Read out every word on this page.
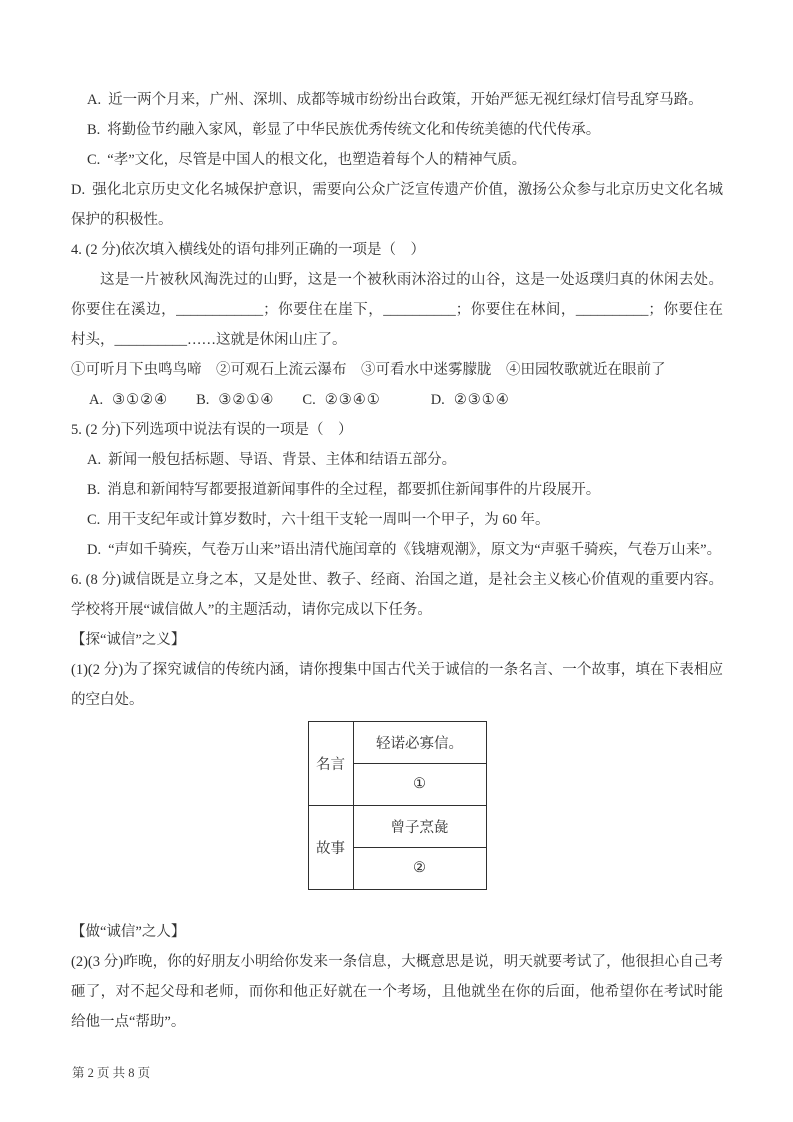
A. 近一两个月来，广州、深圳、成都等城市纷纷出台政策，开始严惩无视红绿灯信号乱穿马路。

B. 将勤俭节约融入家风，彰显了中华民族优秀传统文化和传统美德的代代传承。

C. “孝”文化，尽管是中国人的根文化，也塑造着每个人的精神气质。

D. 强化北京历史文化名城保护意识，需要向公众广泛宣传遗产价值，激扬公众参与北京历史文化名城保护的积极性。

4. (2 分)依次填入横线处的语句排列正确的一项是（　）

这是一片被秋风淘洗过的山野，这是一个被秋雨沐浴过的山谷，这是一处返璞归真的休闲去处。你要住在溪边，____________；你要住在崖下，__________；你要住在林间，__________；你要住在村头，__________……这就是休闲山庄了。

①可听月下虫鸣鸟啼　②可观石上流云瀑布　③可看水中迷雾朦胧　④田园牧歌就近在眼前了

A. ③①②④ B. ③②①④ C. ②③④①	D. ②③①④

5. (2 分)下列选项中说法有误的一项是（　）

A. 新闻一般包括标题、导语、背景、主体和结语五部分。

B. 消息和新闻特写都要报道新闻事件的全过程，都要抓住新闻事件的片段展开。

C. 用干支纪年或计算岁数时，六十组干支轮一周叫一个甲子，为 60 年。

D. “声如千骑疾，气卷万山来”语出清代施闰章的《钱塘观潮》，原文为“声驱千骑疾，气卷万山来”。

6. (8 分)诚信既是立身之本，又是处世、教子、经商、治国之道，是社会主义核心价值观的重要内容。学校将开展“诚信做人”的主题活动，请你完成以下任务。

【探“诚信”之义】

(1)(2 分)为了探究诚信的传统内涵，请你搜集中国古代关于诚信的一条名言、一个故事，填在下表相应的空白处。

名言	轻诺必寡信。
	①
故事	曾子烹彘
	②

【做“诚信”之人】

(2)(3 分)昨晚，你的好朋友小明给你发来一条信息，大概意思是说，明天就要考试了，他很担心自己考砸了，对不起父母和老师，而你和他正好就在一个考场，且他就坐在你的后面，他希望你在考试时能给他一点“帮助”。

第 2 页 共 8 页
